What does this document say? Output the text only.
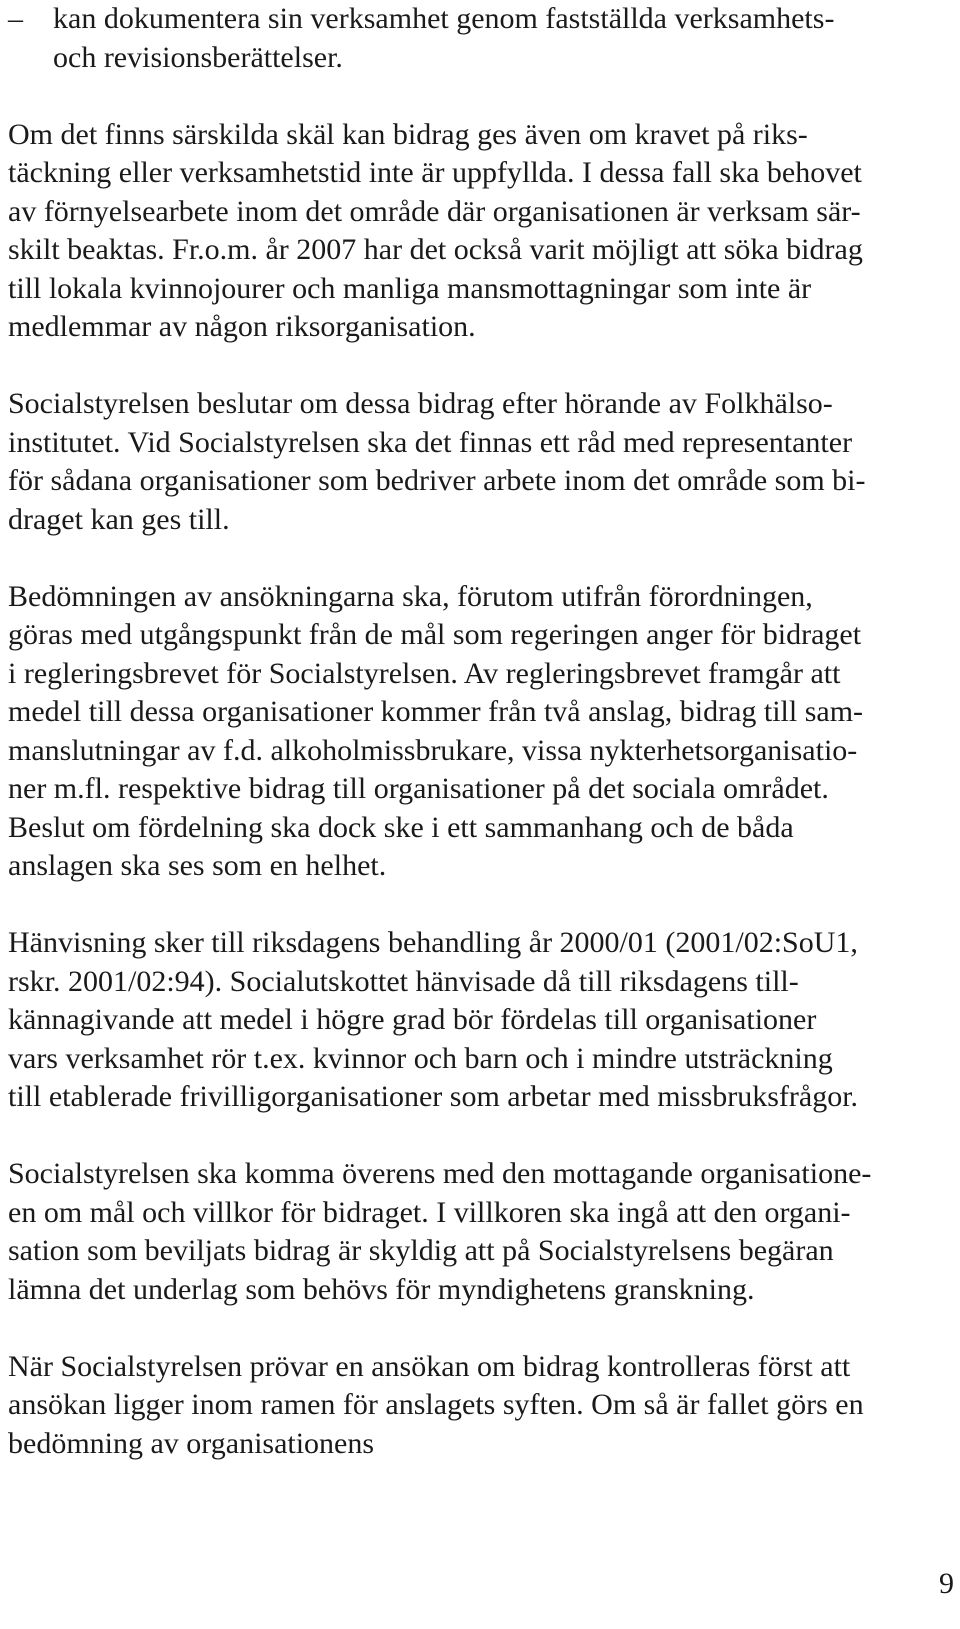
–	kan dokumentera sin verksamhet genom fastställda verksamhets-
och revisionsberättelser.
Om det finns särskilda skäl kan bidrag ges även om kravet på riks-
täckning eller verksamhetstid inte är uppfyllda. I dessa fall ska behovet
av förnyelsearbete inom det område där organisationen är verksam sär-
skilt beaktas. Fr.o.m. år 2007 har det också varit möjligt att söka bidrag
till lokala kvinnojourer och manliga mansmottagningar som inte är
medlemmar av någon riksorganisation.
Socialstyrelsen beslutar om dessa bidrag efter hörande av Folkhälso-
institutet. Vid Socialstyrelsen ska det finnas ett råd med representanter
för sådana organisationer som bedriver arbete inom det område som bi-
draget kan ges till.
Bedömningen av ansökningarna ska, förutom utifrån förordningen,
göras med utgångspunkt från de mål som regeringen anger för bidraget
i regleringsbrevet för Socialstyrelsen. Av regleringsbrevet framgår att
medel till dessa organisationer kommer från två anslag, bidrag till sam-
manslutningar av f.d. alkoholmissbrukare, vissa nykterhetsorganisatio-
ner m.fl. respektive bidrag till organisationer på det sociala området.
Beslut om fördelning ska dock ske i ett sammanhang och de båda
anslagen ska ses som en helhet.
Hänvisning sker till riksdagens behandling år 2000/01 (2001/02:SoU1,
rskr. 2001/02:94). Socialutskottet hänvisade då till riksdagens till-
kännagivande att medel i högre grad bör fördelas till organisationer
vars verksamhet rör t.ex. kvinnor och barn och i mindre utsträckning
till etablerade frivilligorganisationer som arbetar med missbruksfrågor.
Socialstyrelsen ska komma överens med den mottagande organisatione-
en om mål och villkor för bidraget. I villkoren ska ingå att den organi-
sation som beviljats bidrag är skyldig att på Socialstyrelsens begäran
lämna det underlag som behövs för myndighetens granskning.
När Socialstyrelsen prövar en ansökan om bidrag kontrolleras först att
ansökan ligger inom ramen för anslagets syften. Om så är fallet görs en
bedömning av organisationens
9
